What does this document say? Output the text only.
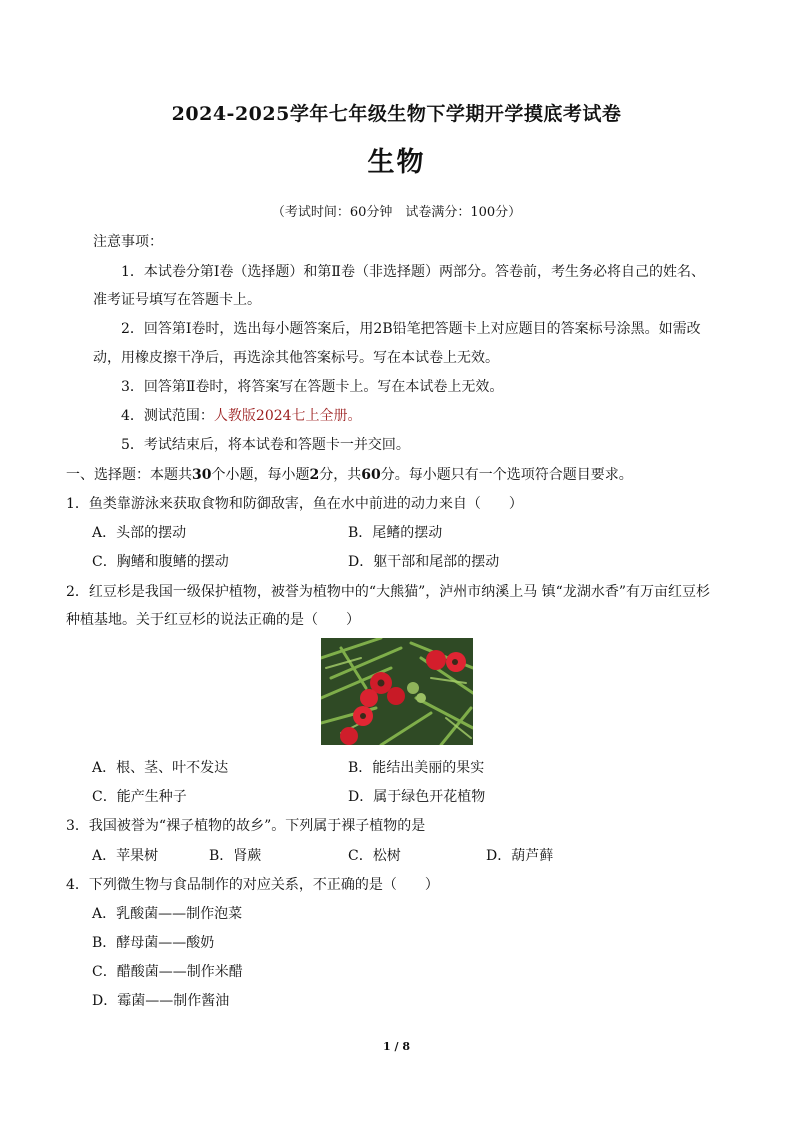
2024-2025学年七年级生物下学期开学摸底考试卷
生物
（考试时间：60分钟　试卷满分：100分）
注意事项：
1．本试卷分第Ⅰ卷（选择题）和第Ⅱ卷（非选择题）两部分。答卷前，考生务必将自己的姓名、
准考证号填写在答题卡上。
2．回答第Ⅰ卷时，选出每小题答案后，用2B铅笔把答题卡上对应题目的答案标号涂黑。如需改
动，用橡皮擦干净后，再选涂其他答案标号。写在本试卷上无效。
3．回答第Ⅱ卷时，将答案写在答题卡上。写在本试卷上无效。
4．测试范围：人教版2024七上全册。
5．考试结束后，将本试卷和答题卡一并交回。
一、选择题：本题共30个小题，每小题2分，共60分。每小题只有一个选项符合题目要求。
1．鱼类靠游泳来获取食物和防御敌害，鱼在水中前进的动力来自（　　）
A．头部的摆动	B．尾鳍的摆动
C．胸鳍和腹鳍的摆动	D．躯干部和尾部的摆动
2．红豆杉是我国一级保护植物，被誉为植物中的“大熊猫”，泸州市纳溪上马 镇“龙湖水香”有万亩红豆杉
种植基地。关于红豆杉的说法正确的是（　　）
A．根、茎、叶不发达	B．能结出美丽的果实
C．能产生种子	D．属于绿色开花植物
3．我国被誉为“裸子植物的故乡”。下列属于裸子植物的是
A．苹果树	B．肾蕨	C．松树	D．葫芦藓
4．下列微生物与食品制作的对应关系，不正确的是（　　）
A．乳酸菌——制作泡菜
B．酵母菌——酸奶
C．醋酸菌——制作米醋
D．霉菌——制作酱油
1 / 8
